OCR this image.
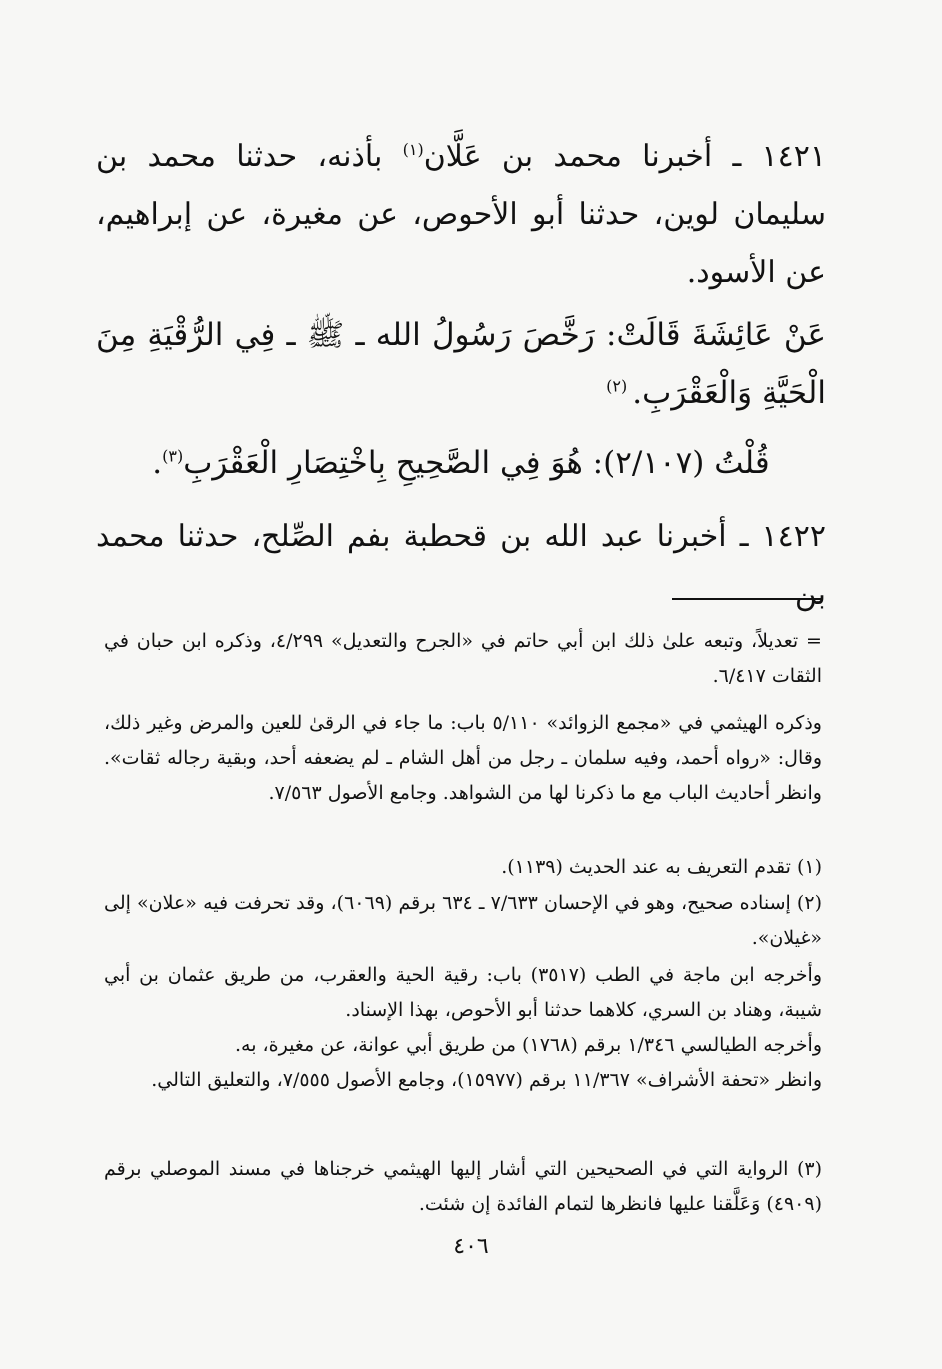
١٤٢١ ـ أخبرنا محمد بن عَلَّان$^{(١)}$ بأذنه، حدثنا محمد بن سليمان لوين، حدثنا أبو الأحوص، عن مغيرة، عن إبراهيم، عن الأسود.
عَنْ عَائِشَةَ قَالَتْ: رَخَّصَ رَسُولُ الله ـ ﷺ ـ فِي الرُّقْيَةِ مِنَ الْحَيَّةِ وَالْعَقْرَبِ. $^{(٢)}$
قُلْتُ (٢/١٠٧): هُوَ فِي الصَّحِيحِ بِاخْتِصَارِ الْعَقْرَبِ$^{(٣)}$.
١٤٢٢ ـ أخبرنا عبد الله بن قحطبة بفم الصِّلح، حدثنا محمد بن
= تعديلاً، وتبعه علىٰ ذلك ابن أبي حاتم في «الجرح والتعديل» ٤/٢٩٩، وذكره ابن حبان في الثقات ٦/٤١٧.
وذكره الهيثمي في «مجمع الزوائد» ٥/١١٠ باب: ما جاء في الرقىٰ للعين والمرض وغير ذلك، وقال: «رواه أحمد، وفيه سلمان ـ رجل من أهل الشام ـ لم يضعفه أحد، وبقية رجاله ثقات». وانظر أحاديث الباب مع ما ذكرنا لها من الشواهد. وجامع الأصول ٧/٥٦٣.
(١) تقدم التعريف به عند الحديث (١١٣٩).
(٢) إسناده صحيح، وهو في الإحسان ٧/٦٣٣ ـ ٦٣٤ برقم (٦٠٦٩)، وقد تحرفت فيه «علان» إلى «غيلان».
وأخرجه ابن ماجة في الطب (٣٥١٧) باب: رقية الحية والعقرب، من طريق عثمان بن أبي شيبة، وهناد بن السري، كلاهما حدثنا أبو الأحوص، بهذا الإسناد.
وأخرجه الطيالسي ١/٣٤٦ برقم (١٧٦٨) من طريق أبي عوانة، عن مغيرة، به.
وانظر «تحفة الأشراف» ١١/٣٦٧ برقم (١٥٩٧٧)، وجامع الأصول ٧/٥٥٥، والتعليق التالي.
(٣) الرواية التي في الصحيحين التي أشار إليها الهيثمي خرجناها في مسند الموصلي برقم (٤٩٠٩) وَعَلَّقنا عليها فانظرها لتمام الفائدة إن شئت.
٤٠٦
